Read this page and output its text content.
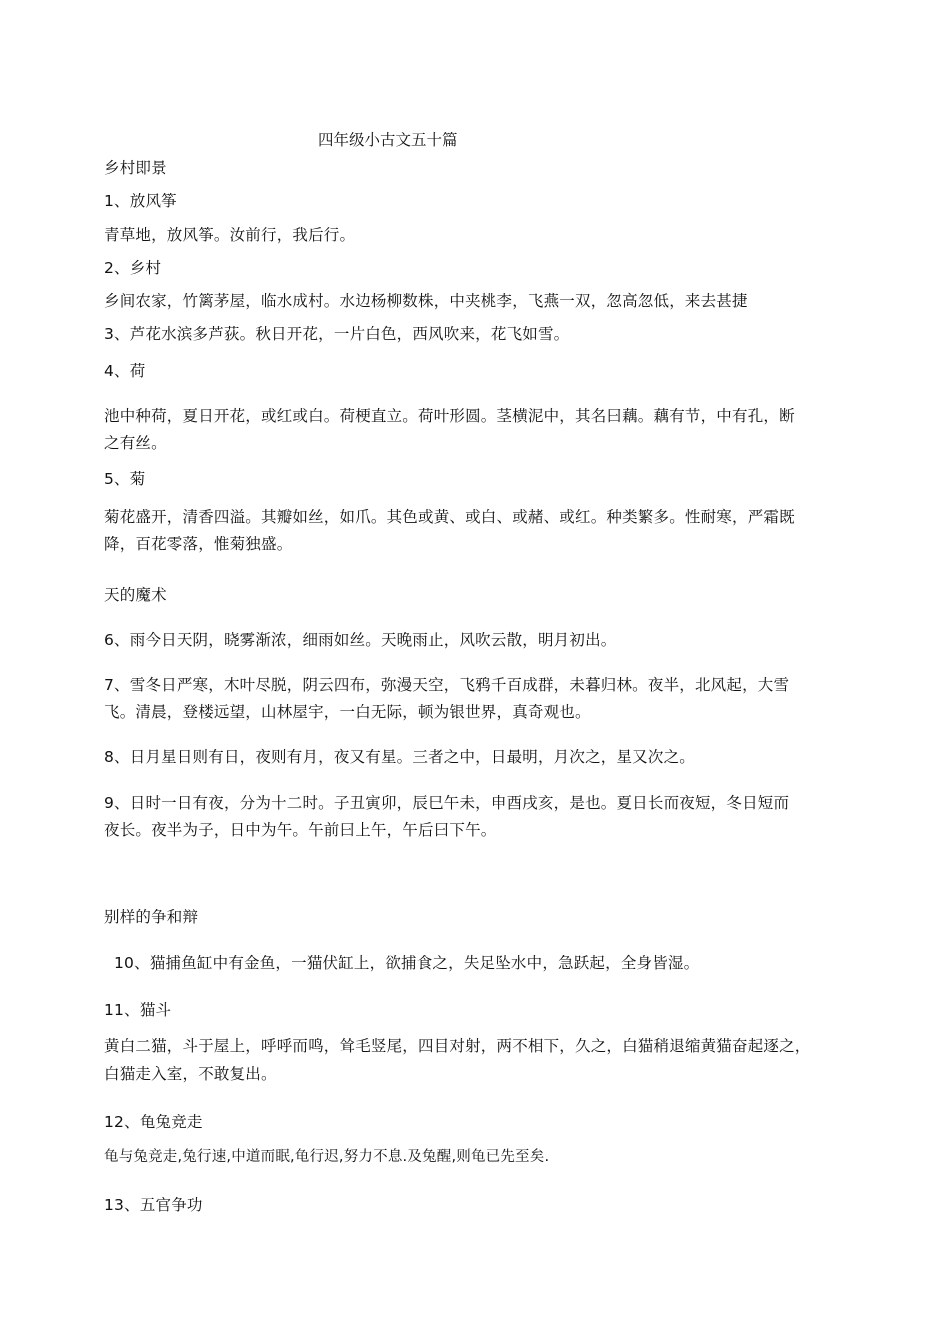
四年级小古文五十篇
乡村即景
1、放风筝
青草地，放风筝。汝前行，我后行。
2、乡村
乡间农家，竹篱茅屋，临水成村。水边杨柳数株，中夹桃李，飞燕一双，忽高忽低，来去甚捷
3、芦花水滨多芦荻。秋日开花，一片白色，西风吹来，花飞如雪。
4、荷
池中种荷，夏日开花，或红或白。荷梗直立。荷叶形圆。茎横泥中，其名曰藕。藕有节，中有孔，断
之有丝。
5、菊
菊花盛开，清香四溢。其瓣如丝，如爪。其色或黄、或白、或赭、或红。种类繁多。性耐寒，严霜既
降，百花零落，惟菊独盛。
天的魔术
6、雨今日天阴，晓雾渐浓，细雨如丝。天晚雨止，风吹云散，明月初出。
7、雪冬日严寒，木叶尽脱，阴云四布，弥漫天空，飞鸦千百成群，未暮归林。夜半，北风起，大雪
飞。清晨，登楼远望，山林屋宇，一白无际，顿为银世界，真奇观也。
8、日月星日则有日，夜则有月，夜又有星。三者之中，日最明，月次之，星又次之。
9、日时一日有夜，分为十二时。子丑寅卯，辰巳午未，申酉戌亥，是也。夏日长而夜短，冬日短而
夜长。夜半为子，日中为午。午前曰上午，午后曰下午。
别样的争和辩
10、猫捕鱼缸中有金鱼，一猫伏缸上，欲捕食之，失足坠水中，急跃起，全身皆湿。
11、猫斗
黄白二猫，斗于屋上，呼呼而鸣，耸毛竖尾，四目对射，两不相下，久之，白猫稍退缩黄猫奋起逐之，
白猫走入室，不敢复出。
12、龟兔竞走
龟与兔竞走,兔行速,中道而眠,龟行迟,努力不息.及兔醒,则龟已先至矣.
13、五官争功
